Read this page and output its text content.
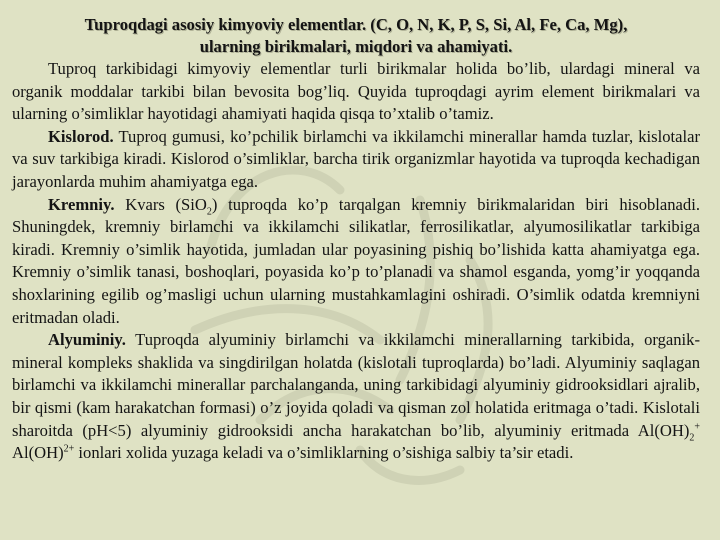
Tuproqdagi asosiy kimyoviy elementlar. (C, O, N, K, P, S, Si, Al, Fe, Ca, Mg),
ularning birikmalari, miqdori va ahamiyati.

Tuproq tarkibidagi kimyoviy elementlar turli birikmalar holida bo’lib, ulardagi mineral va organik moddalar tarkibi bilan bevosita bog’liq. Quyida tuproqdagi ayrim element birikmalari va ularning o’simliklar hayotidagi ahamiyati haqida qisqa to’xtalib o’tamiz.

Kislorod. Tuproq gumusi, ko’pchilik birlamchi va ikkilamchi minerallar hamda tuzlar, kislotalar va suv tarkibiga kiradi. Kislorod o’simliklar, barcha tirik organizmlar hayotida va tuproqda kechadigan jarayonlarda muhim ahamiyatga ega.

Kremniy. Kvars (SiO$_2$) tuproqda ko’p tarqalgan kremniy birikmalaridan biri hisoblanadi. Shuningdek, kremniy birlamchi va ikkilamchi silikatlar, ferrosilikatlar, alyumosilikatlar tarkibiga kiradi. Kremniy o’simlik hayotida, jumladan ular poyasining pishiq bo’lishida katta ahamiyatga ega. Kremniy o’simlik tanasi, boshoqlari, poyasida ko’p to’planadi va shamol esganda, yomg’ir yoqqanda shoxlarining egilib og’masligi uchun ularning mustahkamlagini oshiradi. O’simlik odatda kremniyni eritmadan oladi.

Alyuminiy. Tuproqda alyuminiy birlamchi va ikkilamchi minerallarning tarkibida, organik-mineral kompleks shaklida va singdirilgan holatda (kislotali tuproqlarda) bo’ladi. Alyuminiy saqlagan birlamchi va ikkilamchi minerallar parchalanganda, uning tarkibidagi alyuminiy gidrooksidlari ajralib, bir qismi (kam harakatchan formasi) o’z joyida qoladi va qisman zol holatida eritmaga o’tadi. Kislotali sharoitda (pH<5) alyuminiy gidrooksidi ancha harakatchan bo’lib, alyuminiy eritmada $Al(OH)_2^+$ Al(OH)$^{2+}$ ionlari xolida yuzaga keladi va o’simliklarning o’sishiga salbiy ta’sir etadi.
